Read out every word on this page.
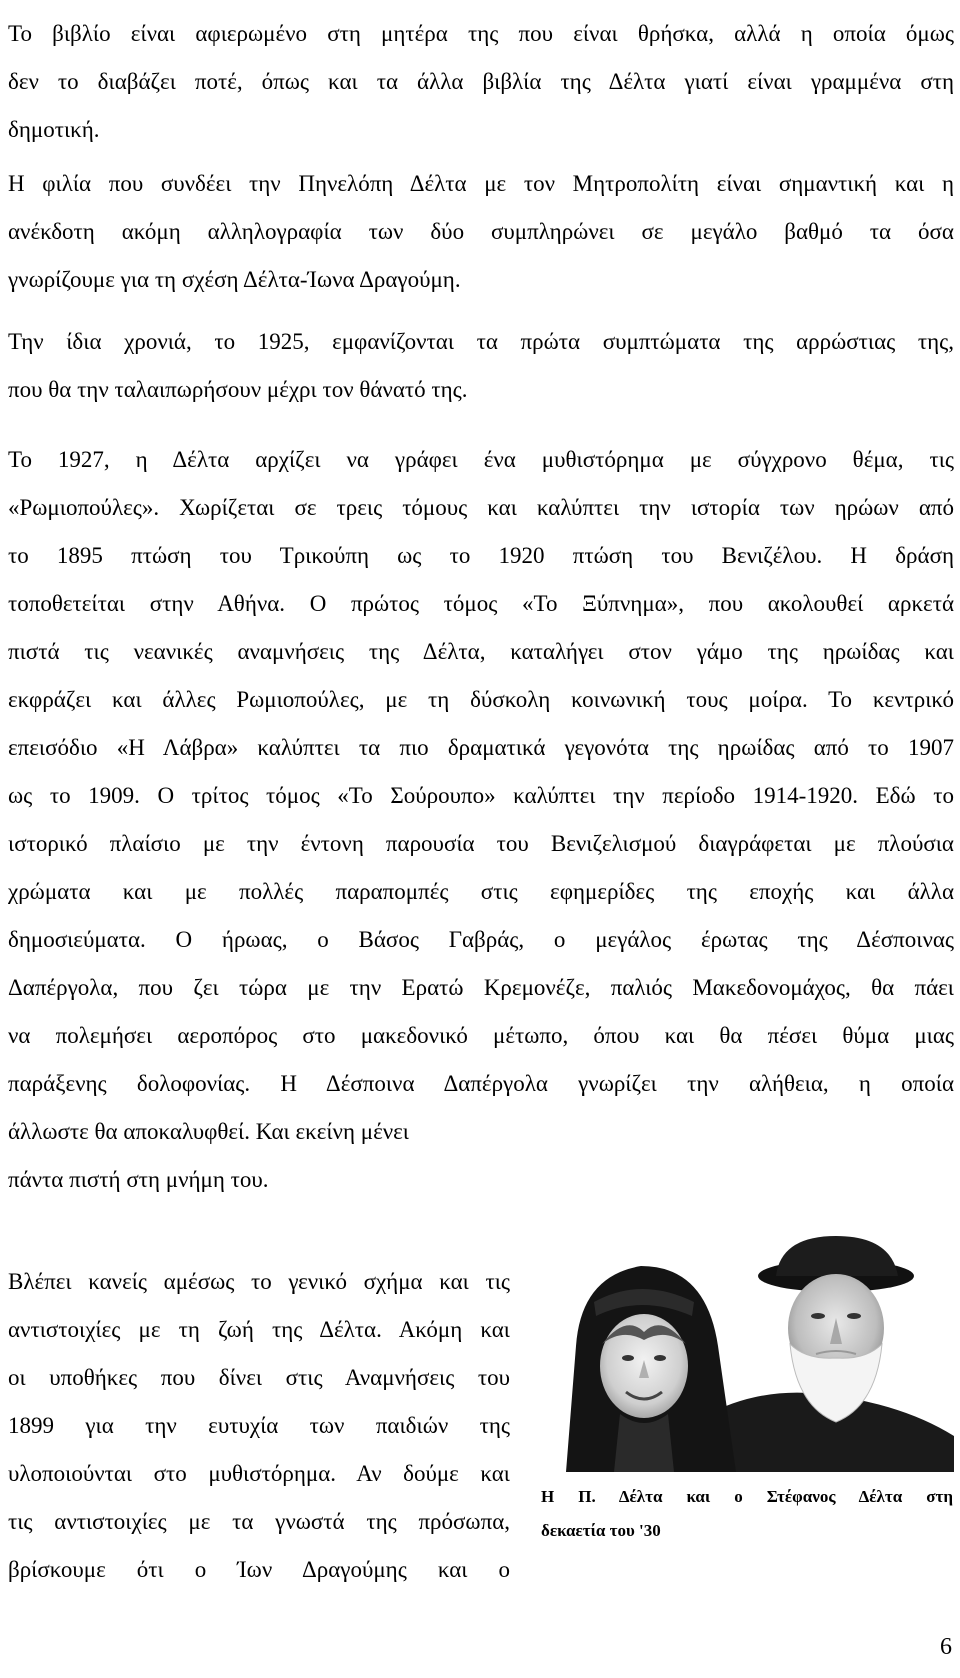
Το βιβλίο είναι αφιερωμένο στη μητέρα της που είναι θρήσκα, αλλά η οποία όμως
δεν το διαβάζει ποτέ, όπως και τα άλλα βιβλία της Δέλτα γιατί είναι γραμμένα στη
δημοτική.

Η φιλία που συνδέει την Πηνελόπη Δέλτα με τον Μητροπολίτη είναι σημαντική και η
ανέκδοτη ακόμη αλληλογραφία των δύο συμπληρώνει σε μεγάλο βαθμό τα όσα
γνωρίζουμε για τη σχέση Δέλτα-Ίωνα Δραγούμη.

Την ίδια χρονιά, το 1925, εμφανίζονται τα πρώτα συμπτώματα της αρρώστιας της,
που θα την ταλαιπωρήσουν μέχρι τον θάνατό της.

Το 1927, η Δέλτα αρχίζει να γράφει ένα μυθιστόρημα με σύγχρονο θέμα, τις
«Ρωμιοπούλες». Χωρίζεται σε τρεις τόμους και καλύπτει την ιστορία των ηρώων από
το 1895 πτώση του Τρικούπη ως το 1920 πτώση του Βενιζέλου. Η δράση
τοποθετείται στην Αθήνα. Ο πρώτος τόμος «Το Ξύπνημα», που ακολουθεί αρκετά
πιστά τις νεανικές αναμνήσεις της Δέλτα, καταλήγει στον γάμο της ηρωίδας και
εκφράζει και άλλες Ρωμιοπούλες, με τη δύσκολη κοινωνική τους μοίρα. Το κεντρικό
επεισόδιο «Η Λάβρα» καλύπτει τα πιο δραματικά γεγονότα της ηρωίδας από το 1907
ως το 1909. Ο τρίτος τόμος «Το Σούρουπο» καλύπτει την περίοδο 1914-1920. Εδώ το
ιστορικό πλαίσιο με την έντονη παρουσία του Βενιζελισμού διαγράφεται με πλούσια
χρώματα και με πολλές παραπομπές στις εφημερίδες της εποχής και άλλα
δημοσιεύματα. Ο ήρωας, ο Βάσος Γαβράς, ο μεγάλος έρωτας της Δέσποινας
Δαπέργολα, που ζει τώρα με την Ερατώ Κρεμονέζε, παλιός Μακεδονομάχος, θα πάει
να πολεμήσει αεροπόρος στο μακεδονικό μέτωπο, όπου και θα πέσει θύμα μιας
παράξενης δολοφονίας. Η Δέσποινα Δαπέργολα γνωρίζει την αλήθεια, η οποία
άλλωστε θα αποκαλυφθεί. Και εκείνη μένει
πάντα πιστή στη μνήμη του.

Βλέπει κανείς αμέσως το γενικό σχήμα και τις
αντιστοιχίες με τη ζωή της Δέλτα. Ακόμη και
οι υποθήκες που δίνει στις Αναμνήσεις του
1899 για την ευτυχία των παιδιών της
υλοποιούνται στο μυθιστόρημα. Αν δούμε και
τις αντιστοιχίες με τα γνωστά της πρόσωπα,
βρίσκουμε ότι ο Ίων Δραγούμης και ο

Η Π. Δέλτα και ο Στέφανος Δέλτα στη
δεκαετία του '30

6
